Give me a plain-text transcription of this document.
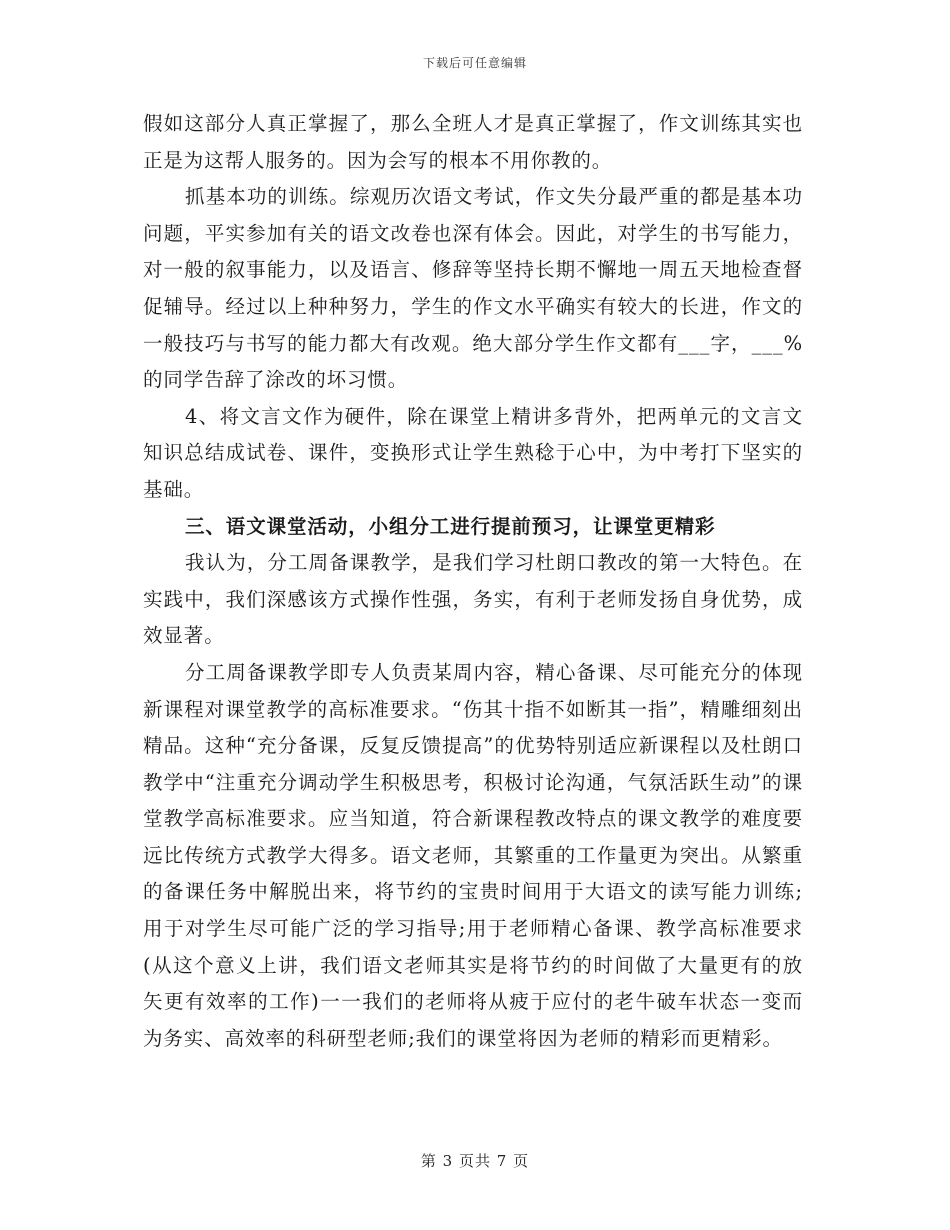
下载后可任意编辑

假如这部分人真正掌握了，那么全班人才是真正掌握了，作文训练其实也正是为这帮人服务的。因为会写的根本不用你教的。

抓基本功的训练。综观历次语文考试，作文失分最严重的都是基本功问题，平实参加有关的语文改卷也深有体会。因此，对学生的书写能力，对一般的叙事能力，以及语言、修辞等坚持长期不懈地一周五天地检查督促辅导。经过以上种种努力，学生的作文水平确实有较大的长进，作文的一般技巧与书写的能力都大有改观。绝大部分学生作文都有___字，___%的同学告辞了涂改的坏习惯。

4、将文言文作为硬件，除在课堂上精讲多背外，把两单元的文言文知识总结成试卷、课件，变换形式让学生熟稔于心中，为中考打下坚实的基础。

三、语文课堂活动，小组分工进行提前预习，让课堂更精彩

我认为，分工周备课教学，是我们学习杜朗口教改的第一大特色。在实践中，我们深感该方式操作性强，务实，有利于老师发扬自身优势，成效显著。

分工周备课教学即专人负责某周内容，精心备课、尽可能充分的体现新课程对课堂教学的高标准要求。“伤其十指不如断其一指”，精雕细刻出精品。这种“充分备课，反复反馈提高”的优势特别适应新课程以及杜朗口教学中“注重充分调动学生积极思考，积极讨论沟通，气氛活跃生动”的课堂教学高标准要求。应当知道，符合新课程教改特点的课文教学的难度要远比传统方式教学大得多。语文老师，其繁重的工作量更为突出。从繁重的备课任务中解脱出来，将节约的宝贵时间用于大语文的读写能力训练;用于对学生尽可能广泛的学习指导;用于老师精心备课、教学高标准要求(从这个意义上讲，我们语文老师其实是将节约的时间做了大量更有的放矢更有效率的工作)一一我们的老师将从疲于应付的老牛破车状态一变而为务实、高效率的科研型老师;我们的课堂将因为老师的精彩而更精彩。

第 3 页共 7 页
